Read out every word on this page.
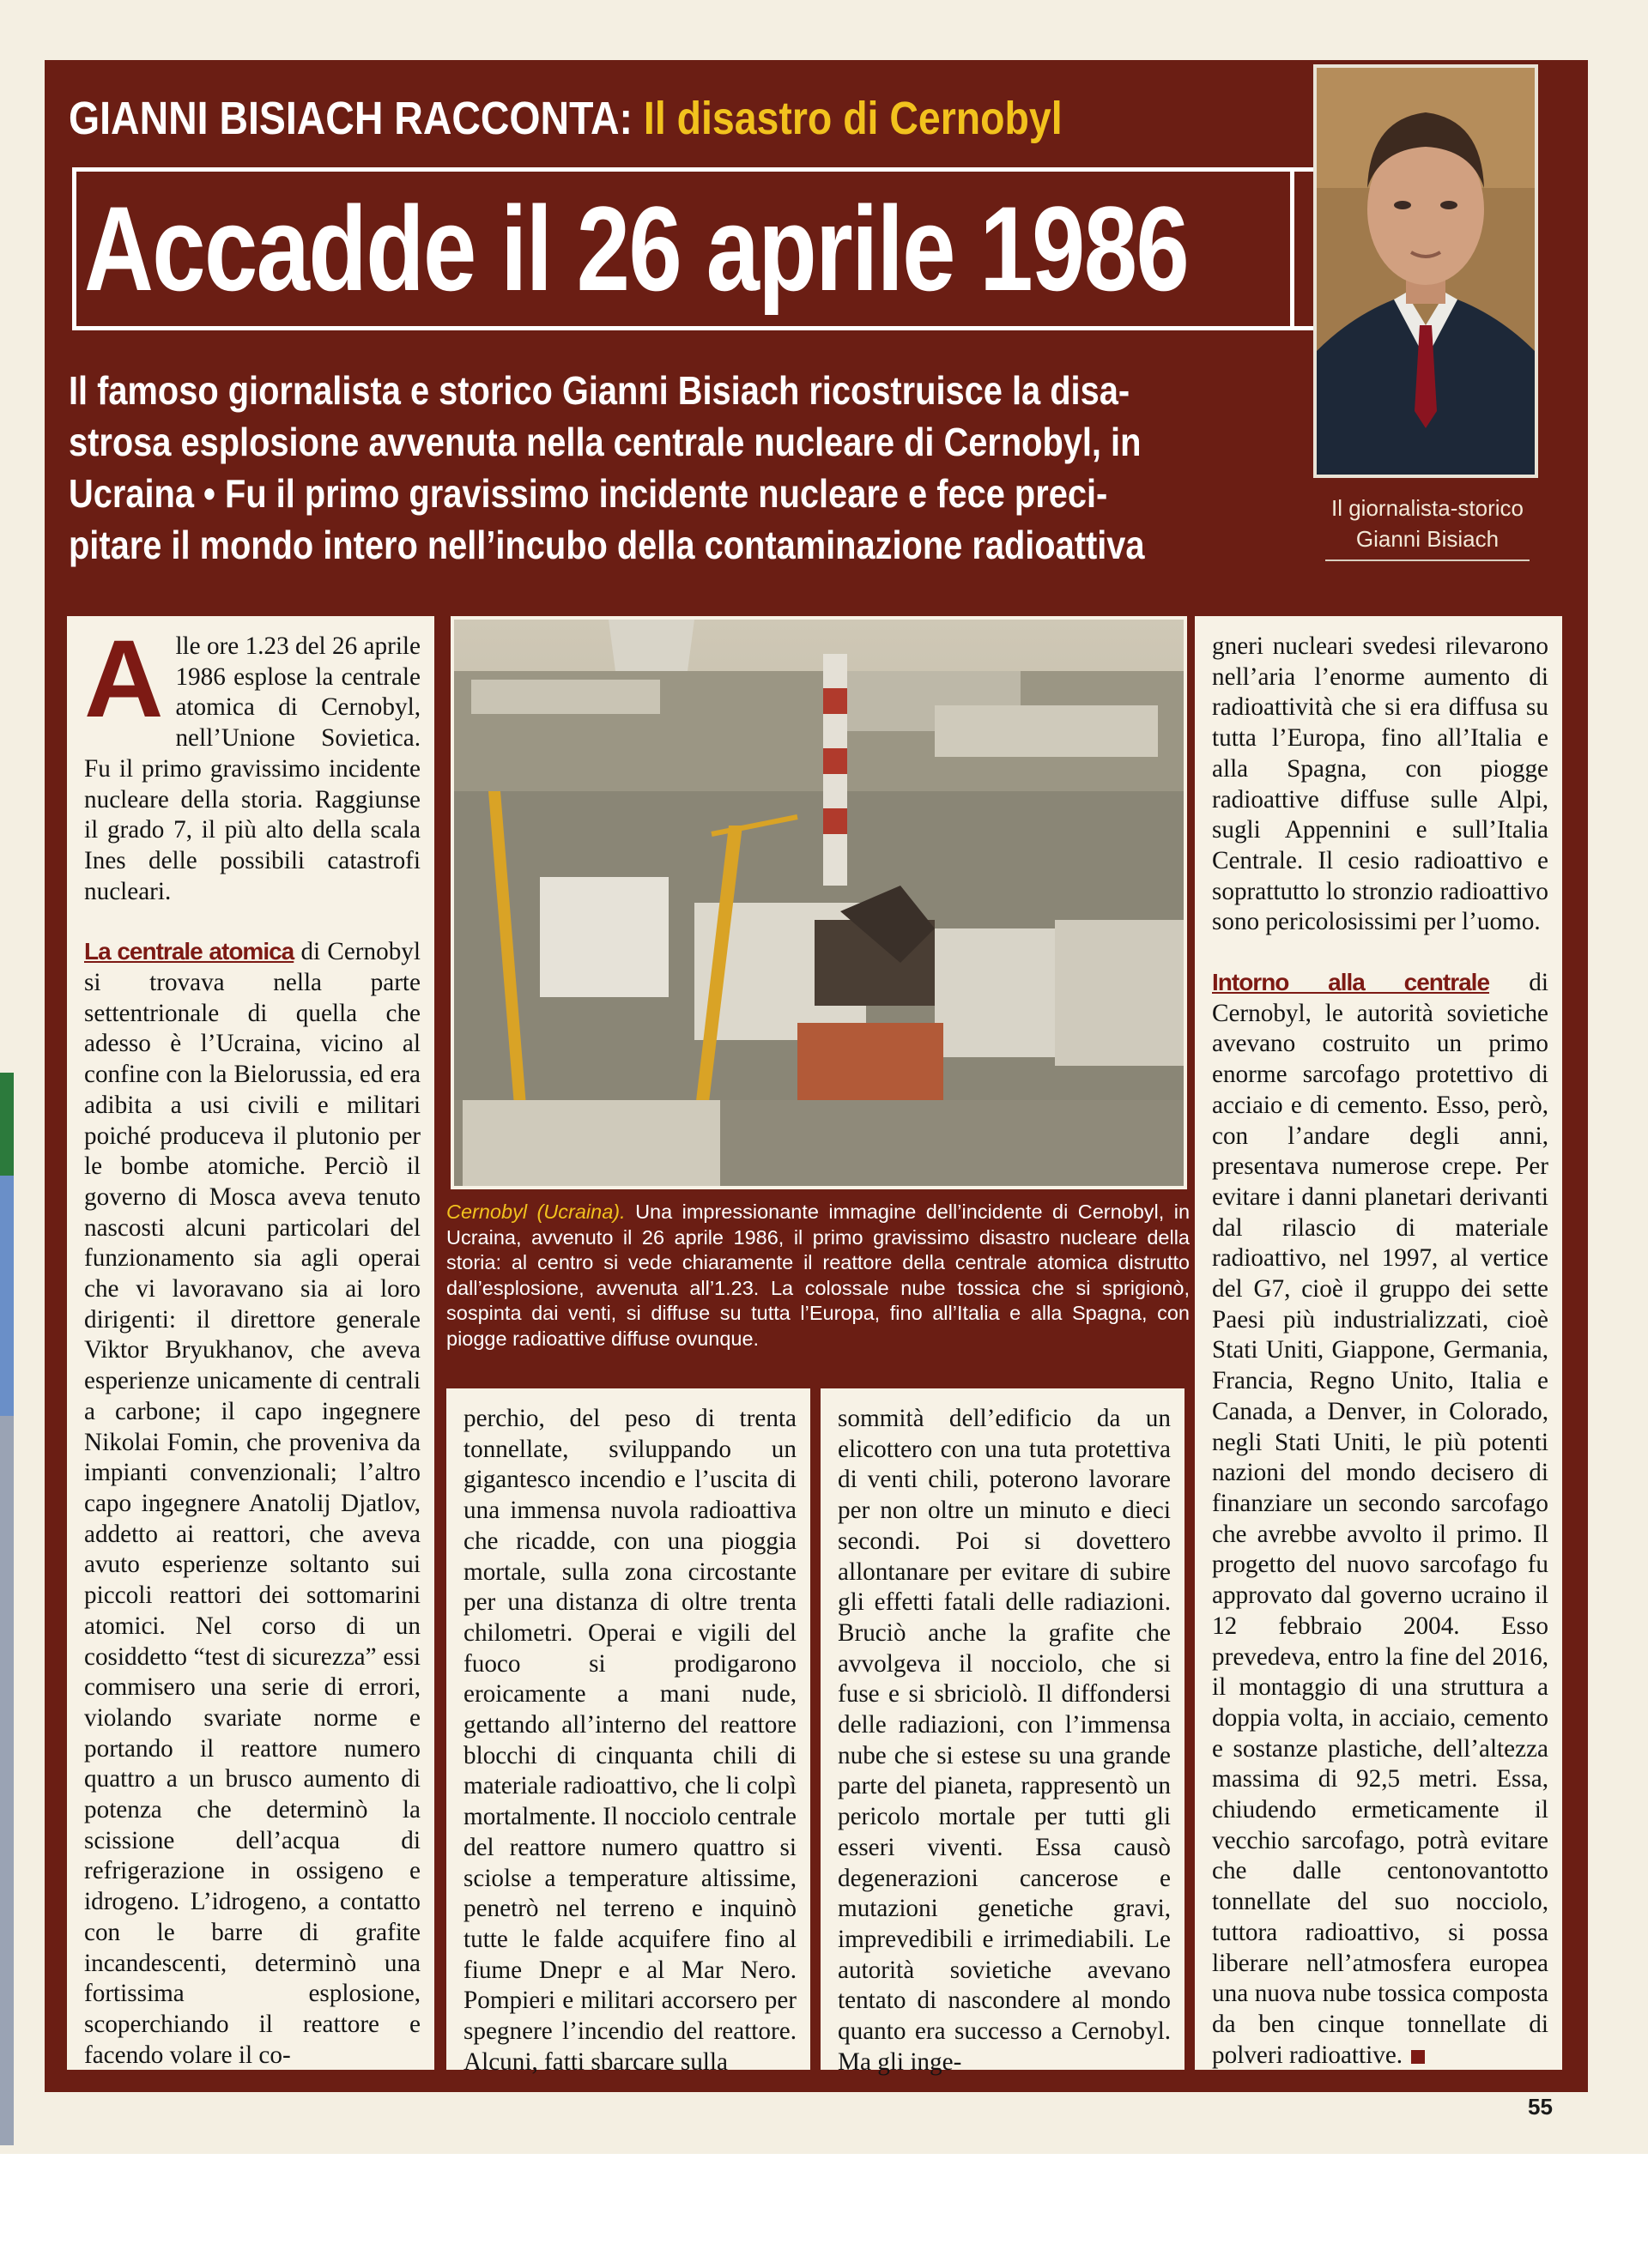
GIANNI BISIACH RACCONTA: Il disastro di Cernobyl
Accadde il 26 aprile 1986
Il famoso giornalista e storico Gianni Bisiach ricostruisce la disa-
strosa esplosione avvenuta nella centrale nucleare di Cernobyl, in
Ucraina • Fu il primo gravissimo incidente nucleare e fece preci-
pitare il mondo intero nell’incubo della contaminazione radioattiva
Il giornalista-storico
Gianni Bisiach

Alle ore 1.23 del 26 aprile 1986 esplose la centrale atomica di Cernobyl, nell’Unione Sovietica. Fu il primo gravissimo incidente nucleare della storia. Raggiunse il grado 7, il più alto della scala Ines delle possibili catastrofi nucleari.

La centrale atomica di Cernobyl si trovava nella parte settentrionale di quella che adesso è l’Ucraina, vicino al confine con la Bielorussia, ed era adibita a usi civili e militari poiché produceva il plutonio per le bombe atomiche. Perciò il governo di Mosca aveva tenuto nascosti alcuni particolari del funzionamento sia agli operai che vi lavoravano sia ai loro dirigenti: il direttore generale Viktor Bryukhanov, che aveva esperienze unicamente di centrali a carbone; il capo ingegnere Nikolai Fomin, che proveniva da impianti convenzionali; l’altro capo ingegnere Anatolij Djatlov, addetto ai reattori, che aveva avuto esperienze soltanto sui piccoli reattori dei sottomarini atomici. Nel corso di un cosiddetto “test di sicurezza” essi commisero una serie di errori, violando svariate norme e portando il reattore numero quattro a un brusco aumento di potenza che determinò la scissione dell’acqua di refrigerazione in ossigeno e idrogeno. L’idrogeno, a contatto con le barre di grafite incandescenti, determinò una fortissima esplosione, scoperchiando il reattore e facendo volare il co-

Cernobyl (Ucraina). Una impressionante immagine dell’incidente di Cernobyl, in Ucraina, avvenuto il 26 aprile 1986, il primo gravissimo disastro nucleare della storia: al centro si vede chiaramente il reattore della centrale atomica distrutto dall’esplosione, avvenuta all’1.23. La colossale nube tossica che si sprigionò, sospinta dai venti, si diffuse su tutta l’Europa, fino all’Italia e alla Spagna, con piogge radioattive diffuse ovunque.

perchio, del peso di trenta tonnellate, sviluppando un gigantesco incendio e l’uscita di una immensa nuvola radioattiva che ricadde, con una pioggia mortale, sulla zona circostante per una distanza di oltre trenta chilometri. Operai e vigili del fuoco si prodigarono eroicamente a mani nude, gettando all’interno del reattore blocchi di cinquanta chili di materiale radioattivo, che li colpì mortalmente. Il nocciolo centrale del reattore numero quattro si sciolse a temperature altissime, penetrò nel terreno e inquinò tutte le falde acquifere fino al fiume Dnepr e al Mar Nero. Pompieri e militari accorsero per spegnere l’incendio del reattore. Alcuni, fatti sbarcare sulla

sommità dell’edificio da un elicottero con una tuta protettiva di venti chili, poterono lavorare per non oltre un minuto e dieci secondi. Poi si dovettero allontanare per evitare di subire gli effetti fatali delle radiazioni. Bruciò anche la grafite che avvolgeva il nocciolo, che si fuse e si sbriciolò. Il diffondersi delle radiazioni, con l’immensa nube che si estese su una grande parte del pianeta, rappresentò un pericolo mortale per tutti gli esseri viventi. Essa causò degenerazioni cancerose e mutazioni genetiche gravi, imprevedibili e irrimediabili. Le autorità sovietiche avevano tentato di nascondere al mondo quanto era successo a Cernobyl. Ma gli inge-

gneri nucleari svedesi rilevarono nell’aria l’enorme aumento di radioattività che si era diffusa su tutta l’Europa, fino all’Italia e alla Spagna, con piogge radioattive diffuse sulle Alpi, sugli Appennini e sull’Italia Centrale. Il cesio radioattivo e soprattutto lo stronzio radioattivo sono pericolosissimi per l’uomo.

Intorno alla centrale di Cernobyl, le autorità sovietiche avevano costruito un primo enorme sarcofago protettivo di acciaio e di cemento. Esso, però, con l’andare degli anni, presentava numerose crepe. Per evitare i danni planetari derivanti dal rilascio di materiale radioattivo, nel 1997, al vertice del G7, cioè il gruppo dei sette Paesi più industrializzati, cioè Stati Uniti, Giappone, Germania, Francia, Regno Unito, Italia e Canada, a Denver, in Colorado, negli Stati Uniti, le più potenti nazioni del mondo decisero di finanziare un secondo sarcofago che avrebbe avvolto il primo. Il progetto del nuovo sarcofago fu approvato dal governo ucraino il 12 febbraio 2004. Esso prevedeva, entro la fine del 2016, il montaggio di una struttura a doppia volta, in acciaio, cemento e sostanze plastiche, dell’altezza massima di 92,5 metri. Essa, chiudendo ermeticamente il vecchio sarcofago, potrà evitare che dalle centonovantotto tonnellate del suo nocciolo, tuttora radioattivo, si possa liberare nell’atmosfera europea una nuova nube tossica composta da ben cinque tonnellate di polveri radioattive.

55
